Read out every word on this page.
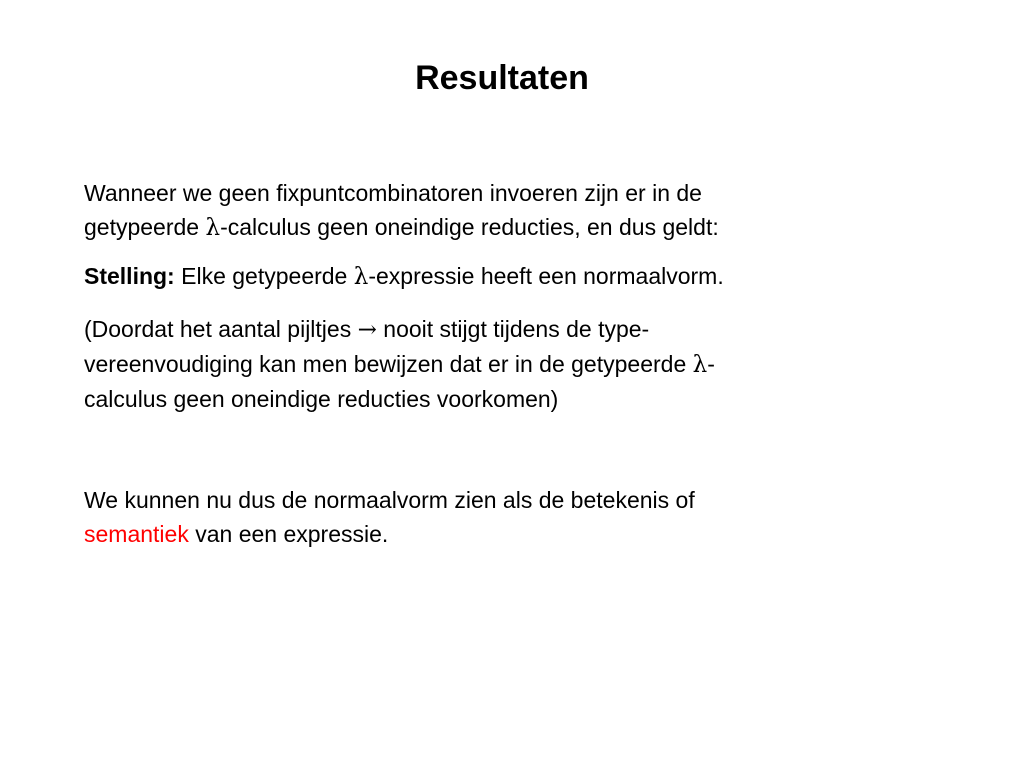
Resultaten
Wanneer we geen fixpuntcombinatoren invoeren zijn er in de
getypeerde λ-calculus geen oneindige reducties, en dus geldt:
Stelling: Elke getypeerde λ-expressie heeft een normaalvorm.
(Doordat het aantal pijltjes → nooit stijgt tijdens de type-
vereenvoudiging kan men bewijzen dat er in de getypeerde λ-
calculus geen oneindige reducties voorkomen)
We kunnen nu dus de normaalvorm zien als de betekenis of
semantiek van een expressie.
